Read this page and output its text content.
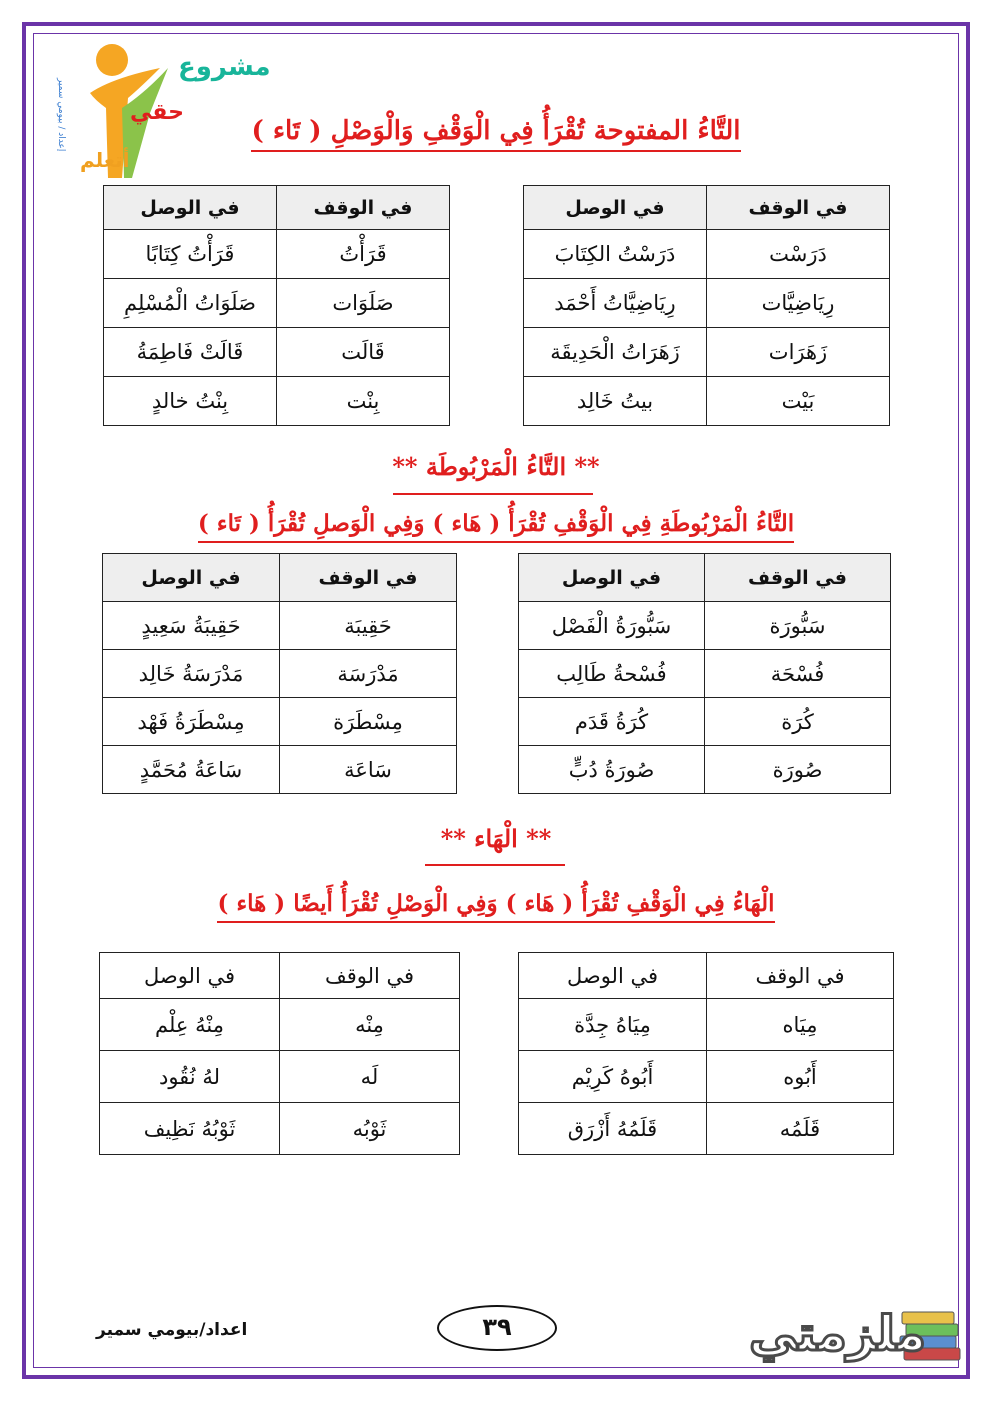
مشروع
حقي
أتعلم
إعداد / بيومي سمير	التَّاءُ المفتوحة تُقْرَأُ فِي الْوَقْفِ وَالْوَصْلِ ( تَاء )
في الوقف	في الوصل
دَرَسْت	دَرَسْتُ الكِتَابَ
رِيَاضِيَّات	رِيَاضِيَّاتُ أَحْمَد
زَهَرَات	زَهَرَاتُ الْحَدِيقَة
بَيْت	بيتُ خَالِد
في الوقف	في الوصل
قَرَأْتُ	قَرَأْتُ كِتَابًا
صَلَوَات	صَلَوَاتُ الْمُسْلِمِ
قَالَت	قَالَتْ فَاطِمَةُ
بِنْت	بِنْتُ خالدٍ
** التَّاءُ الْمَرْبُوطَة **
التَّاءُ الْمَرْبُوطَةِ فِي الْوَقْفِ تُقْرَأُ ( هَاء ) وَفِي الْوَصلِ تُقْرَأُ ( تَاء )
في الوقف	في الوصل
سَبُّورَة	سَبُّورَةُ الْفَصْل
فُسْحَة	فُسْحةُ طَالِب
كُرَة	كُرَةُ قَدَم
صُورَة	صُورَةُ دُبٍّ
في الوقف	في الوصل
حَقِيبَة	حَقِيبَةُ سَعِيدٍ
مَدْرَسَة	مَدْرَسَةُ خَالِد
مِسْطَرَة	مِسْطَرَةُ فَهْد
سَاعَة	سَاعَةُ مُحَمَّدٍ
** الْهَاء **
الْهَاءُ فِي الْوَقْفِ تُقْرَأُ ( هَاء ) وَفِي الْوَصْلِ تُقْرَأُ أَيضًا ( هَاء )
في الوقف	في الوصل
مِيَاه	مِيَاهُ جِدَّة
أَبُوه	أَبُوهُ كَرِيْم
قَلَمُه	قَلَمُهُ أَزْرَق
في الوقف	في الوصل
مِنْه	مِنْهُ عِلْم
لَه	لهُ نُقُود
ثَوْبُه	ثَوْبُهُ نَظِيف
اعداد/بيومي سمير	٣٩	ملزمتي
